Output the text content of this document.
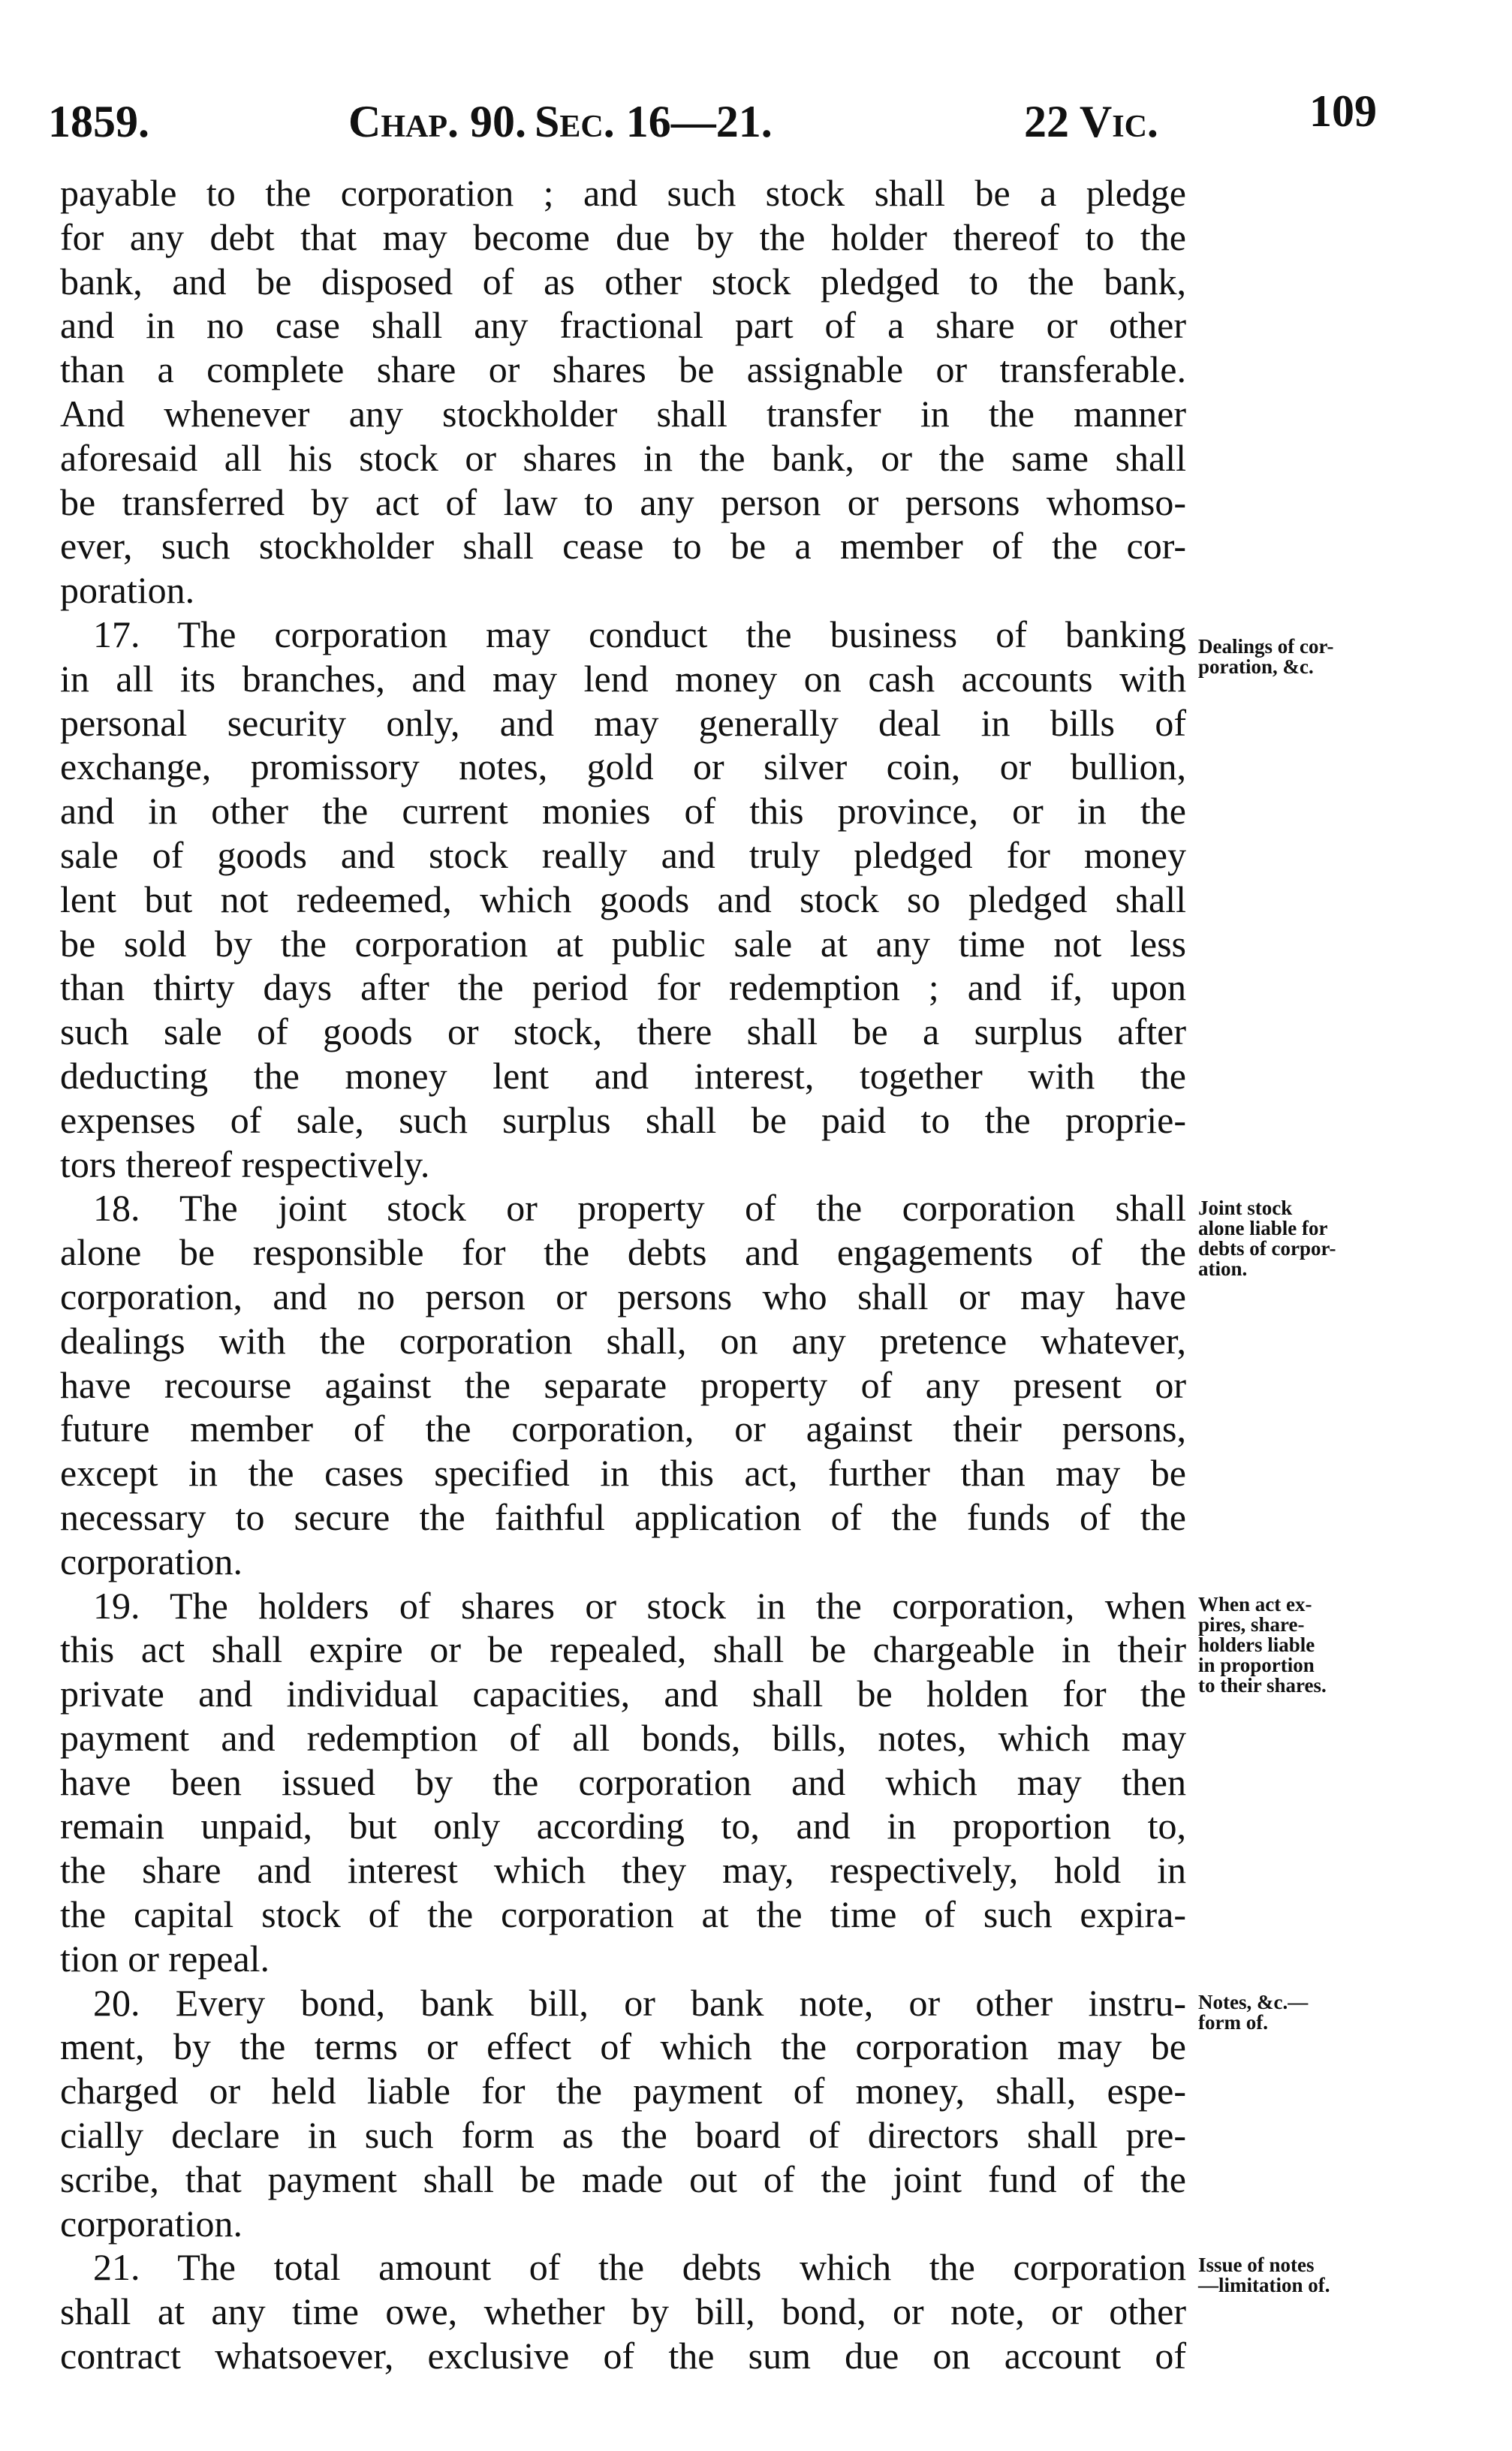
1859.	Chap. 90. Sec. 16—21.	22 Vic.	109
payable to the corporation ; and such stock shall be a pledge
for any debt that may become due by the holder thereof to the
bank, and be disposed of as other stock pledged to the bank,
and in no case shall any fractional part of a share or other
than a complete share or shares be assignable or transferable.
And whenever any stockholder shall transfer in the manner
aforesaid all his stock or shares in the bank, or the same shall
be transferred by act of law to any person or persons whomso-
ever, such stockholder shall cease to be a member of the cor-
poration.
17. The corporation may conduct the business of banking
in all its branches, and may lend money on cash accounts with
personal security only, and may generally deal in bills of
exchange, promissory notes, gold or silver coin, or bullion,
and in other the current monies of this province, or in the
sale of goods and stock really and truly pledged for money
lent but not redeemed, which goods and stock so pledged shall
be sold by the corporation at public sale at any time not less
than thirty days after the period for redemption ; and if, upon
such sale of goods or stock, there shall be a surplus after
deducting the money lent and interest, together with the
expenses of sale, such surplus shall be paid to the proprie-
tors thereof respectively.
18. The joint stock or property of the corporation shall
alone be responsible for the debts and engagements of the
corporation, and no person or persons who shall or may have
dealings with the corporation shall, on any pretence whatever,
have recourse against the separate property of any present or
future member of the corporation, or against their persons,
except in the cases specified in this act, further than may be
necessary to secure the faithful application of the funds of the
corporation.
19. The holders of shares or stock in the corporation, when
this act shall expire or be repealed, shall be chargeable in their
private and individual capacities, and shall be holden for the
payment and redemption of all bonds, bills, notes, which may
have been issued by the corporation and which may then
remain unpaid, but only according to, and in proportion to,
the share and interest which they may, respectively, hold in
the capital stock of the corporation at the time of such expira-
tion or repeal.
20. Every bond, bank bill, or bank note, or other instru-
ment, by the terms or effect of which the corporation may be
charged or held liable for the payment of money, shall, espe-
cially declare in such form as the board of directors shall pre-
scribe, that payment shall be made out of the joint fund of the
corporation.
21. The total amount of the debts which the corporation
shall at any time owe, whether by bill, bond, or note, or other
contract whatsoever, exclusive of the sum due on account of
Dealings of cor-
poration, &c.
Joint stock
alone liable for
debts of corpor-
ation.
When act ex-
pires, share-
holders liable
in proportion
to their shares.
Notes, &c.—
form of.
Issue of notes
—limitation of.
